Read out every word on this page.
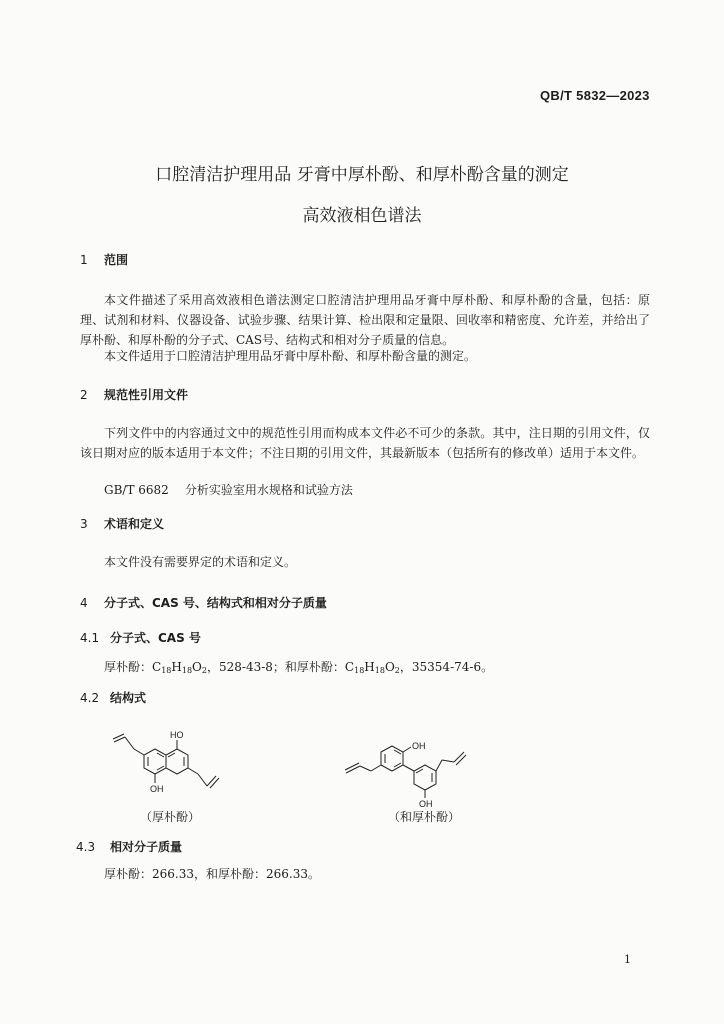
QB/T 5832—2023
口腔清洁护理用品 牙膏中厚朴酚、和厚朴酚含量的测定
高效液相色谱法
1 范围
本文件描述了采用高效液相色谱法测定口腔清洁护理用品牙膏中厚朴酚、和厚朴酚的含量，包括：原理、试剂和材料、仪器设备、试验步骤、结果计算、检出限和定量限、回收率和精密度、允许差，并给出了厚朴酚、和厚朴酚的分子式、CAS号、结构式和相对分子质量的信息。
本文件适用于口腔清洁护理用品牙膏中厚朴酚、和厚朴酚含量的测定。
2 规范性引用文件
下列文件中的内容通过文中的规范性引用而构成本文件必不可少的条款。其中，注日期的引用文件，仅该日期对应的版本适用于本文件；不注日期的引用文件，其最新版本（包括所有的修改单）适用于本文件。
GB/T 6682 分析实验室用水规格和试验方法
3 术语和定义
本文件没有需要界定的术语和定义。
4 分子式、CAS 号、结构式和相对分子质量
4.1 分子式、CAS 号
厚朴酚：$C_{18}H_{18}O_2$，528-43-8；和厚朴酚：$C_{18}H_{18}O_2$，35354-74-6。
4.2 结构式
HO
OH
（厚朴酚）
OH
OH
（和厚朴酚）
4.3 相对分子质量
厚朴酚：266.33，和厚朴酚：266.33。
1
